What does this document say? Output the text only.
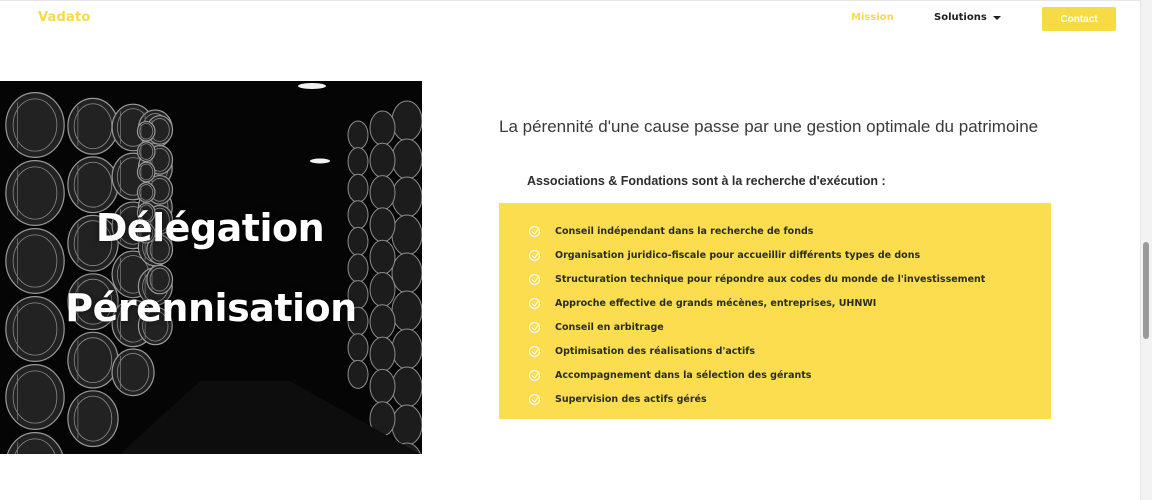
Vadato	Mission	Solutions	Contact
Délégation
Pérennisation
La pérennité d'une cause passe par une gestion optimale du patrimoine
Associations & Fondations sont à la recherche d'exécution :
Conseil indépendant dans la recherche de fonds
Organisation juridico-fiscale pour accueillir différents types de dons
Structuration technique pour répondre aux codes du monde de l'investissement
Approche effective de grands mécènes, entreprises, UHNWI
Conseil en arbitrage
Optimisation des réalisations d'actifs
Accompagnement dans la sélection des gérants
Supervision des actifs gérés
